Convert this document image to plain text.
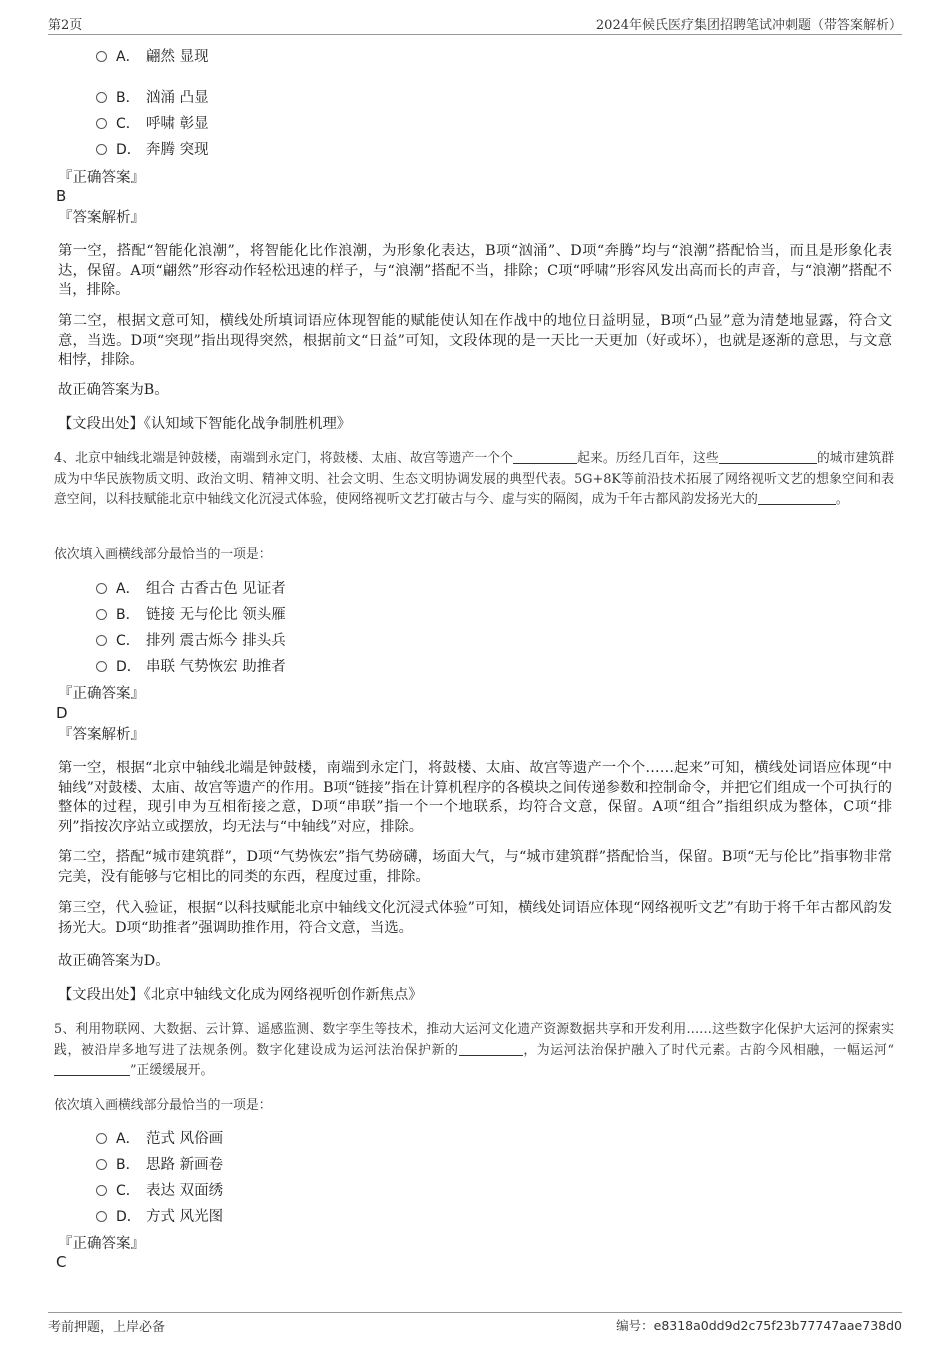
第2页	2024年候氏医疗集团招聘笔试冲刺题（带答案解析）
A． 翩然 显现
B． 汹涌 凸显
C． 呼啸 彰显
D． 奔腾 突现
『正确答案』
B
『答案解析』

第一空，搭配“智能化浪潮”，将智能化比作浪潮，为形象化表达，B项“汹涌”、D项“奔腾”均与“浪潮”搭配恰当，而且是形象化表达，保留。A项“翩然”形容动作轻松迅速的样子，与“浪潮”搭配不当，排除；C项“呼啸”形容风发出高而长的声音，与“浪潮”搭配不当，排除。

第二空，根据文意可知，横线处所填词语应体现智能的赋能使认知在作战中的地位日益明显，B项“凸显”意为清楚地显露，符合文意，当选。D项“突现”指出现得突然，根据前文“日益”可知，文段体现的是一天比一天更加（好或坏），也就是逐渐的意思，与文意相悖，排除。

故正确答案为B。

【文段出处】《认知域下智能化战争制胜机理》

4、北京中轴线北端是钟鼓楼，南端到永定门，将鼓楼、太庙、故宫等遗产一个个	起来。历经几百年，这些	的城市建筑群成为中华民族物质文明、政治文明、精神文明、社会文明、生态文明协调发展的典型代表。5G+8K等前沿技术拓展了网络视听文艺的想象空间和表意空间，以科技赋能北京中轴线文化沉浸式体验，使网络视听文艺打破古与今、虚与实的隔阂，成为千年古都风韵发扬光大的	。

依次填入画横线部分最恰当的一项是：
A． 组合 古香古色 见证者
B． 链接 无与伦比 领头雁
C． 排列 震古烁今 排头兵
D． 串联 气势恢宏 助推者
『正确答案』
D
『答案解析』

第一空，根据“北京中轴线北端是钟鼓楼，南端到永定门，将鼓楼、太庙、故宫等遗产一个个……起来”可知，横线处词语应体现“中轴线”对鼓楼、太庙、故宫等遗产的作用。B项“链接”指在计算机程序的各模块之间传递参数和控制命令，并把它们组成一个可执行的整体的过程，现引申为互相衔接之意，D项“串联”指一个一个地联系，均符合文意，保留。A项“组合”指组织成为整体，C项“排列”指按次序站立或摆放，均无法与“中轴线”对应，排除。

第二空，搭配“城市建筑群”，D项“气势恢宏”指气势磅礴，场面大气，与“城市建筑群”搭配恰当，保留。B项“无与伦比”指事物非常完美，没有能够与它相比的同类的东西，程度过重，排除。

第三空，代入验证，根据“以科技赋能北京中轴线文化沉浸式体验”可知，横线处词语应体现“网络视听文艺”有助于将千年古都风韵发扬光大。D项“助推者”强调助推作用，符合文意，当选。

故正确答案为D。

【文段出处】《北京中轴线文化成为网络视听创作新焦点》

5、利用物联网、大数据、云计算、遥感监测、数字孪生等技术，推动大运河文化遗产资源数据共享和开发利用……这些数字化保护大运河的探索实践，被沿岸多地写进了法规条例。数字化建设成为运河法治保护新的	，为运河法治保护融入了时代元素。古韵今风相融，一幅运河“”正缓缓展开。

依次填入画横线部分最恰当的一项是：
A． 范式 风俗画
B． 思路 新画卷
C． 表达 双面绣
D． 方式 风光图
『正确答案』
C
考前押题，上岸必备	编号：e8318a0dd9d2c75f23b77747aae738d0
